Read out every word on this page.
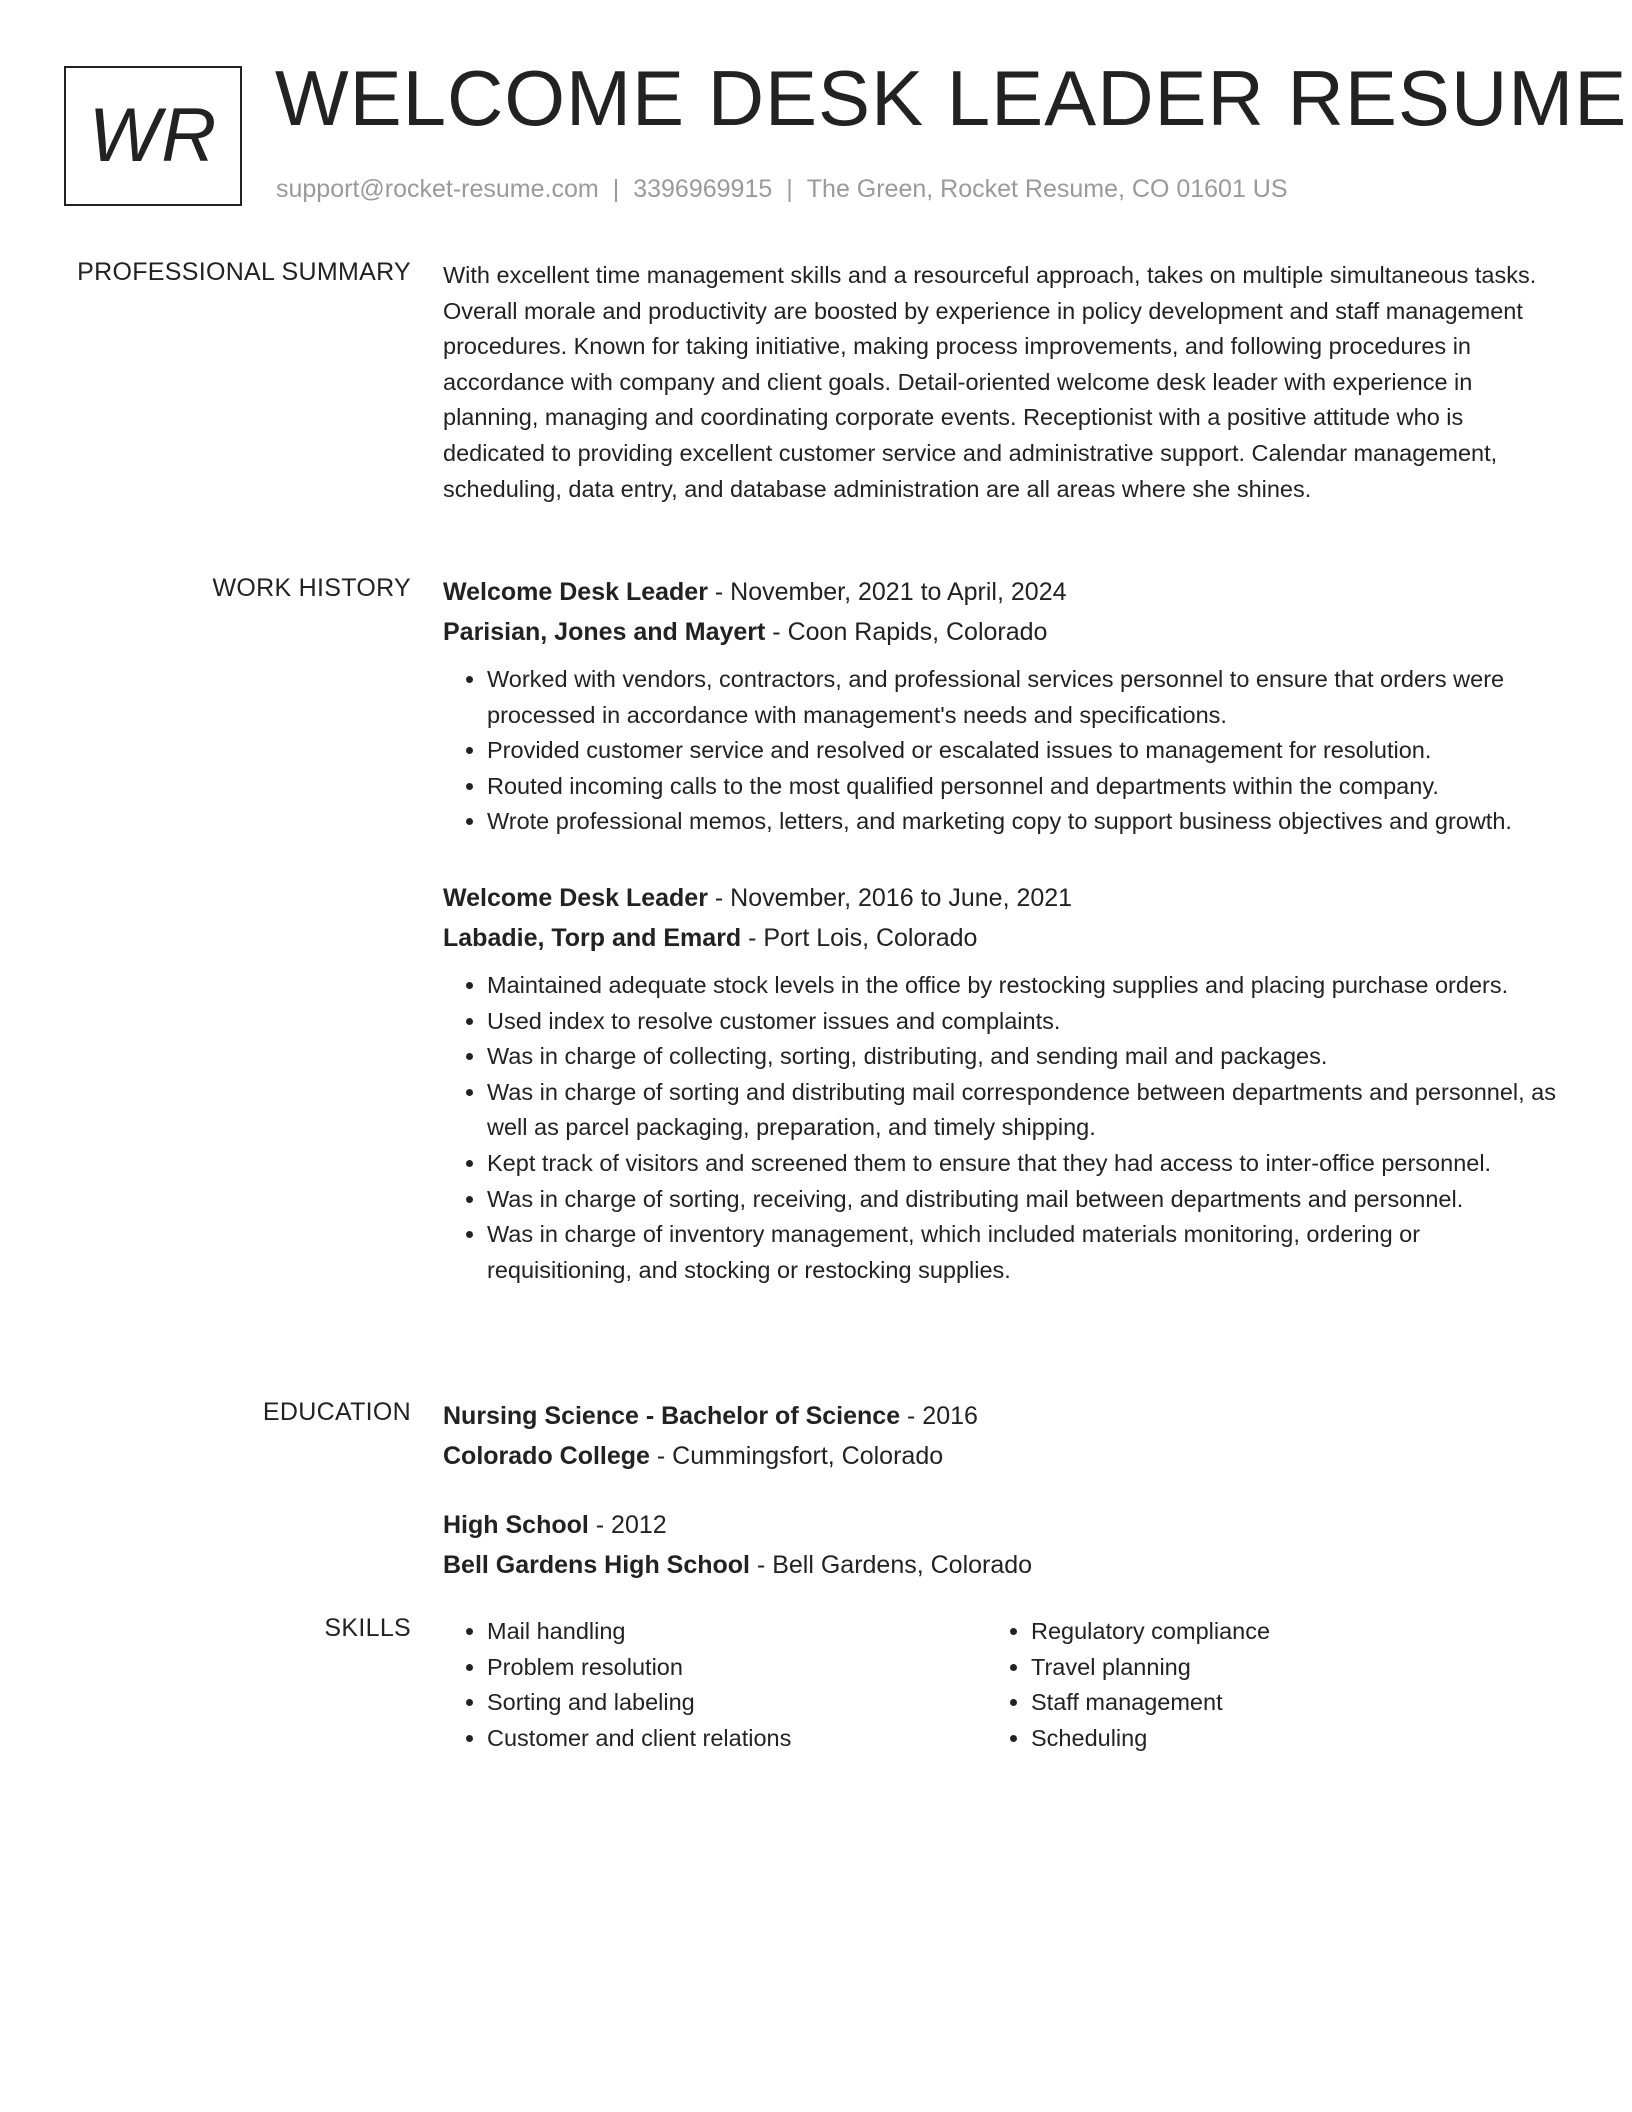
WR WELCOME DESK LEADER RESUME
support@rocket-resume.com | 3396969915 | The Green, Rocket Resume, CO 01601 US
PROFESSIONAL SUMMARY With excellent time management skills and a resourceful approach, takes on multiple simultaneous tasks. Overall morale and productivity are boosted by experience in policy development and staff management procedures. Known for taking initiative, making process improvements, and following procedures in accordance with company and client goals. Detail-oriented welcome desk leader with experience in planning, managing and coordinating corporate events. Receptionist with a positive attitude who is dedicated to providing excellent customer service and administrative support. Calendar management, scheduling, data entry, and database administration are all areas where she shines.

WORK HISTORY Welcome Desk Leader - November, 2021 to April, 2024
Parisian, Jones and Mayert - Coon Rapids, Colorado
• Worked with vendors, contractors, and professional services personnel to ensure that orders were processed in accordance with management's needs and specifications.
• Provided customer service and resolved or escalated issues to management for resolution.
• Routed incoming calls to the most qualified personnel and departments within the company.
• Wrote professional memos, letters, and marketing copy to support business objectives and growth.
Welcome Desk Leader - November, 2016 to June, 2021
Labadie, Torp and Emard - Port Lois, Colorado
• Maintained adequate stock levels in the office by restocking supplies and placing purchase orders.
• Used index to resolve customer issues and complaints.
• Was in charge of collecting, sorting, distributing, and sending mail and packages.
• Was in charge of sorting and distributing mail correspondence between departments and personnel, as well as parcel packaging, preparation, and timely shipping.
• Kept track of visitors and screened them to ensure that they had access to inter-office personnel.
• Was in charge of sorting, receiving, and distributing mail between departments and personnel.
• Was in charge of inventory management, which included materials monitoring, ordering or requisitioning, and stocking or restocking supplies.
EDUCATION Nursing Science - Bachelor of Science - 2016
Colorado College - Cummingsfort, Colorado
High School - 2012
Bell Gardens High School - Bell Gardens, Colorado
SKILLS
•	Mail handling
• Problem resolution
• Sorting and labeling
• Customer and client relations
• Regulatory compliance
• Travel planning
• Staff management
• Scheduling
